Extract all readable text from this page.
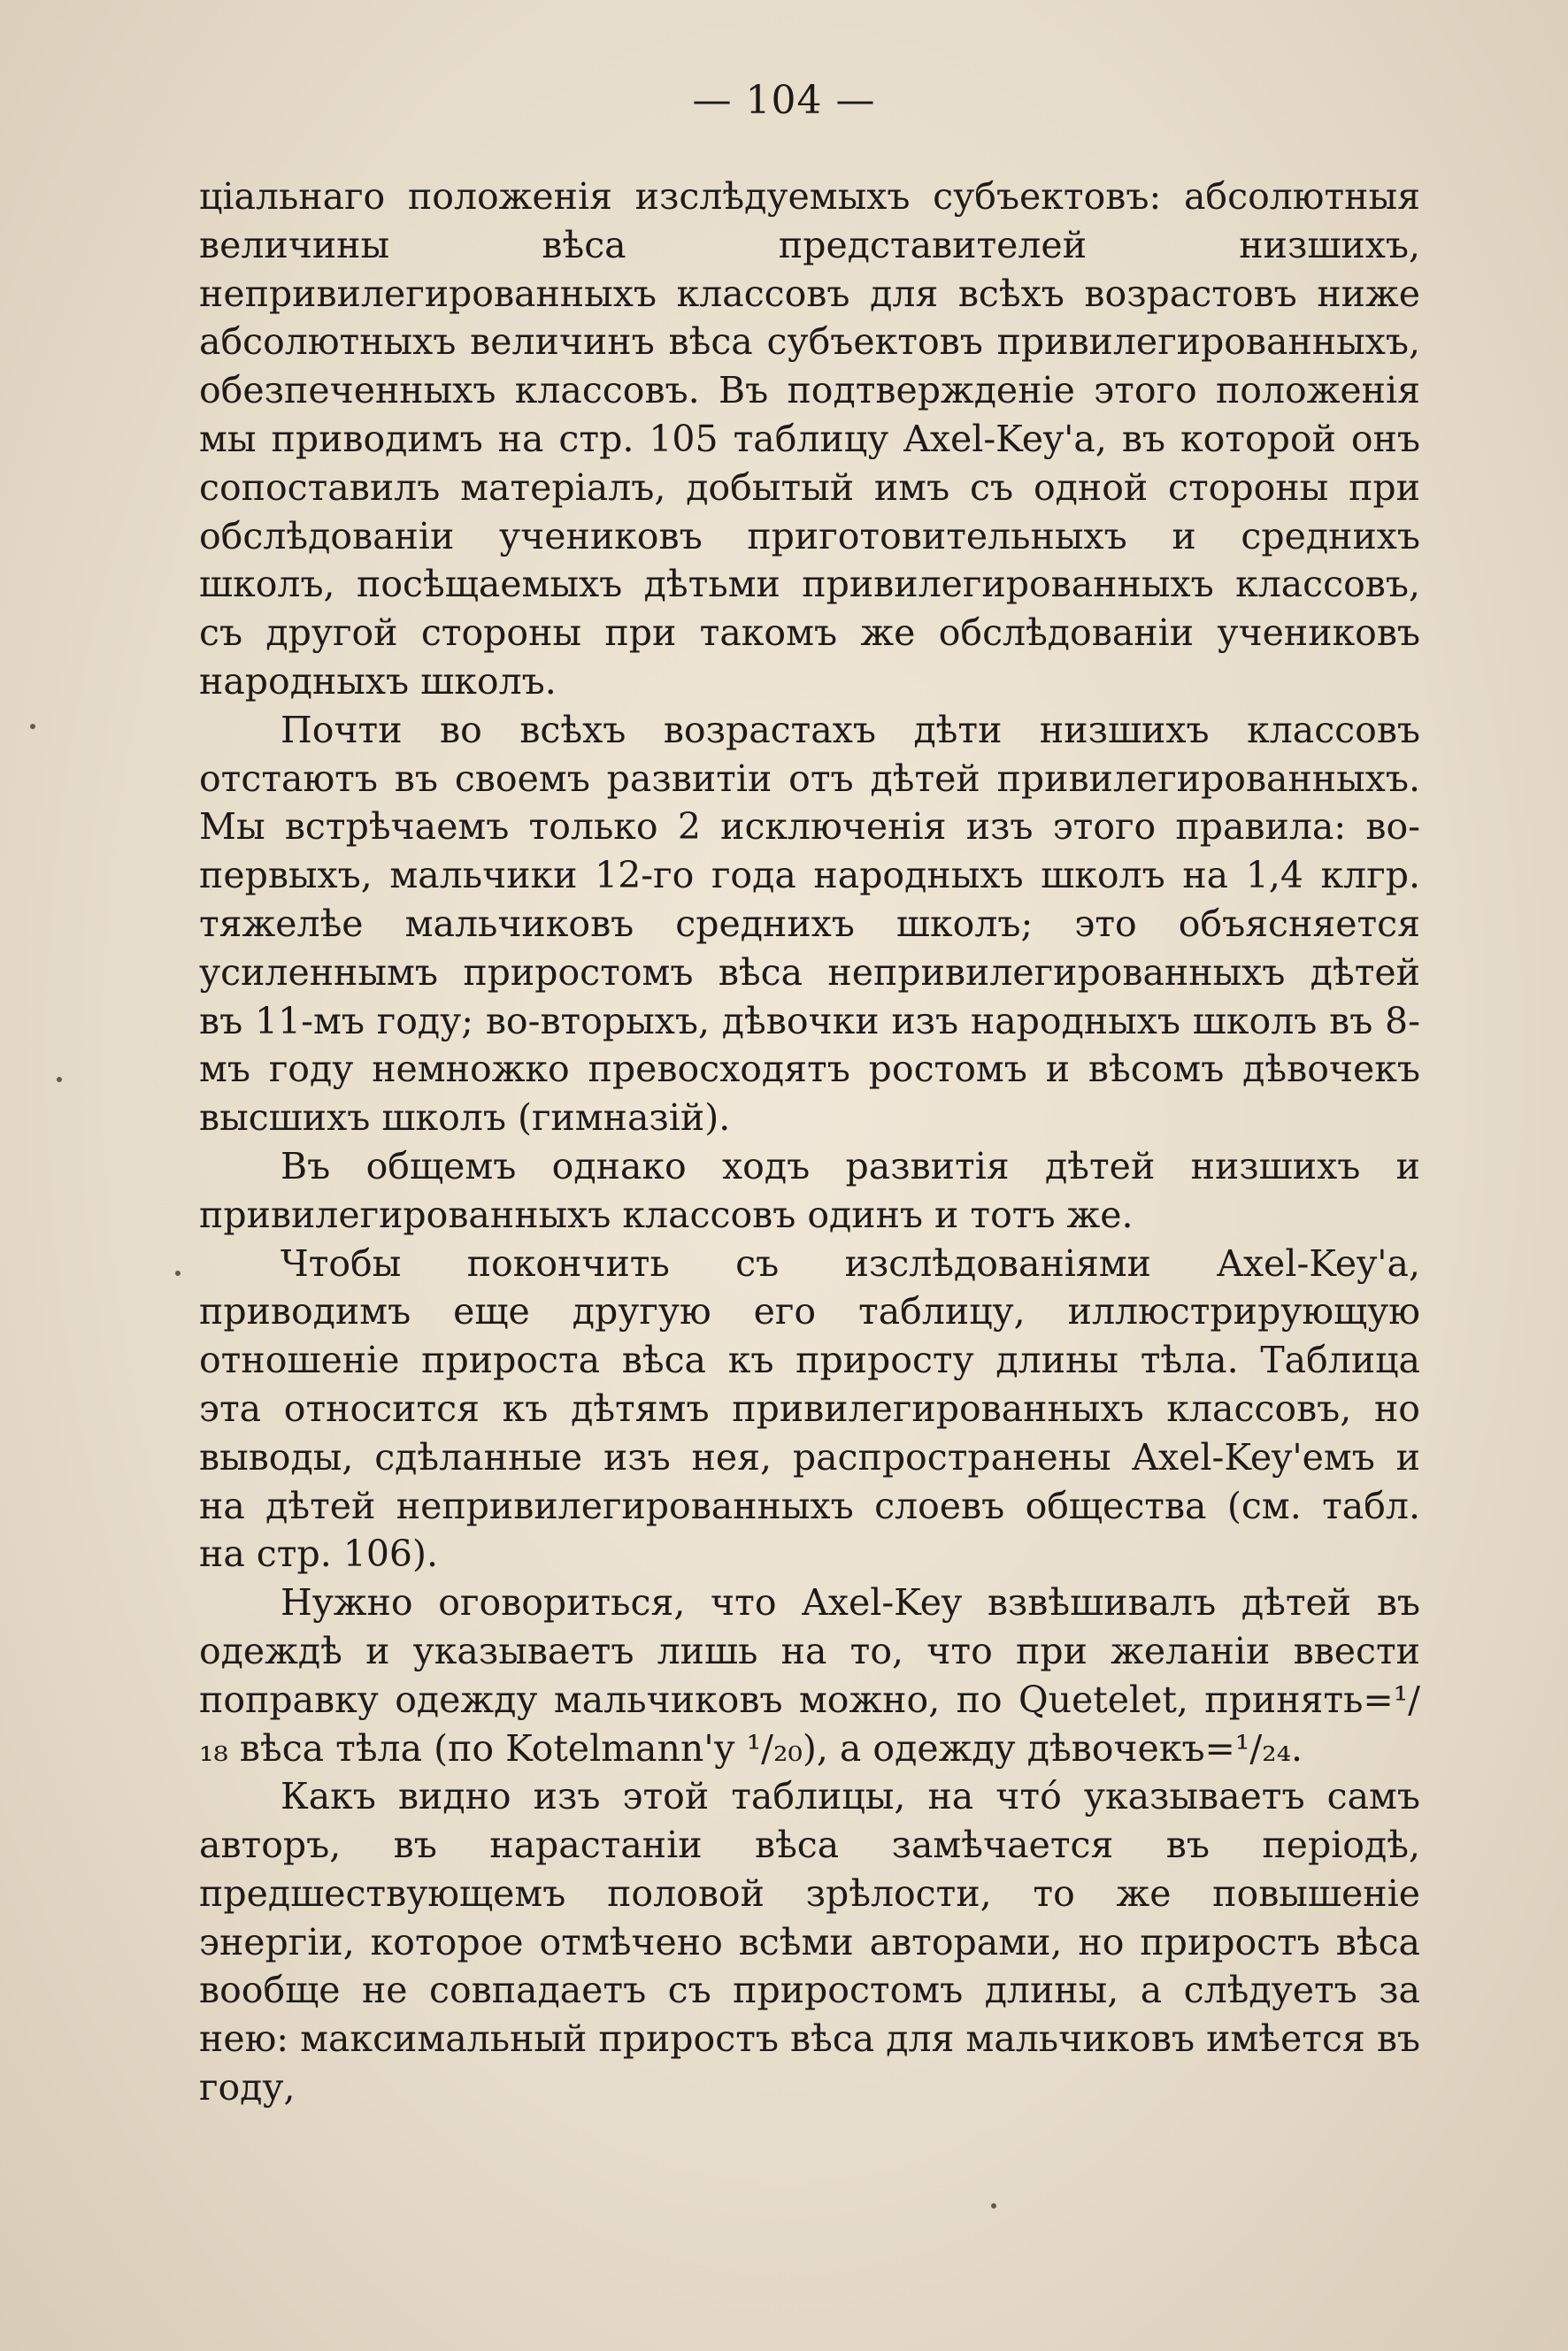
— 104 —

ціальнаго положенія изслѣдуемыхъ субъектовъ: абсолютныя величины вѣса представителей низшихъ, непривилегированныхъ классовъ для всѣхъ возрастовъ ниже абсолютныхъ величинъ вѣса субъектовъ привилегированныхъ, обезпеченныхъ классовъ. Въ подтвержденіе этого положенія мы приводимъ на стр. 105 таблицу Axel-Key'а, въ которой онъ сопоставилъ матеріалъ, добытый имъ съ одной стороны при обслѣдованіи учениковъ приготовительныхъ и среднихъ школъ, посѣщаемыхъ дѣтьми привилегированныхъ классовъ, съ другой стороны при такомъ же обслѣдованіи учениковъ народныхъ школъ.

Почти во всѣхъ возрастахъ дѣти низшихъ классовъ отстаютъ въ своемъ развитіи отъ дѣтей привилегированныхъ. Мы встрѣчаемъ только 2 исключенія изъ этого правила: во-первыхъ, мальчики 12-го года народныхъ школъ на 1,4 клгр. тяжелѣе мальчиковъ среднихъ школъ; это объясняется усиленнымъ приростомъ вѣса непривилегированныхъ дѣтей въ 11-мъ году; во-вторыхъ, дѣвочки изъ народныхъ школъ въ 8-мъ году немножко превосходятъ ростомъ и вѣсомъ дѣвочекъ высшихъ школъ (гимназій).

Въ общемъ однако ходъ развитія дѣтей низшихъ и привилегированныхъ классовъ одинъ и тотъ же.

Чтобы покончить съ изслѣдованіями Axel-Key'а, приводимъ еще другую его таблицу, иллюстрирующую отношеніе прироста вѣса къ приросту длины тѣла. Таблица эта относится къ дѣтямъ привилегированныхъ классовъ, но выводы, сдѣланные изъ нея, распространены Axel-Key'емъ и на дѣтей непривилегированныхъ слоевъ общества (см. табл. на стр. 106).

Нужно оговориться, что Axel-Key взвѣшивалъ дѣтей въ одеждѣ и указываетъ лишь на то, что при желаніи ввести поправку одежду мальчиковъ можно, по Quetelet, принять=¹/₁₈ вѣса тѣла (по Kotelmann'у ¹/₂₀), а одежду дѣвочекъ=¹/₂₄.

Какъ видно изъ этой таблицы, на чтó указываетъ самъ авторъ, въ нарастаніи вѣса замѣчается въ періодѣ, предшествующемъ половой зрѣлости, то же повышеніе энергіи, которое отмѣчено всѣми авторами, но приростъ вѣса вообще не совпадаетъ съ приростомъ длины, а слѣдуетъ за нею: максимальный приростъ вѣса для мальчиковъ имѣется въ году,
